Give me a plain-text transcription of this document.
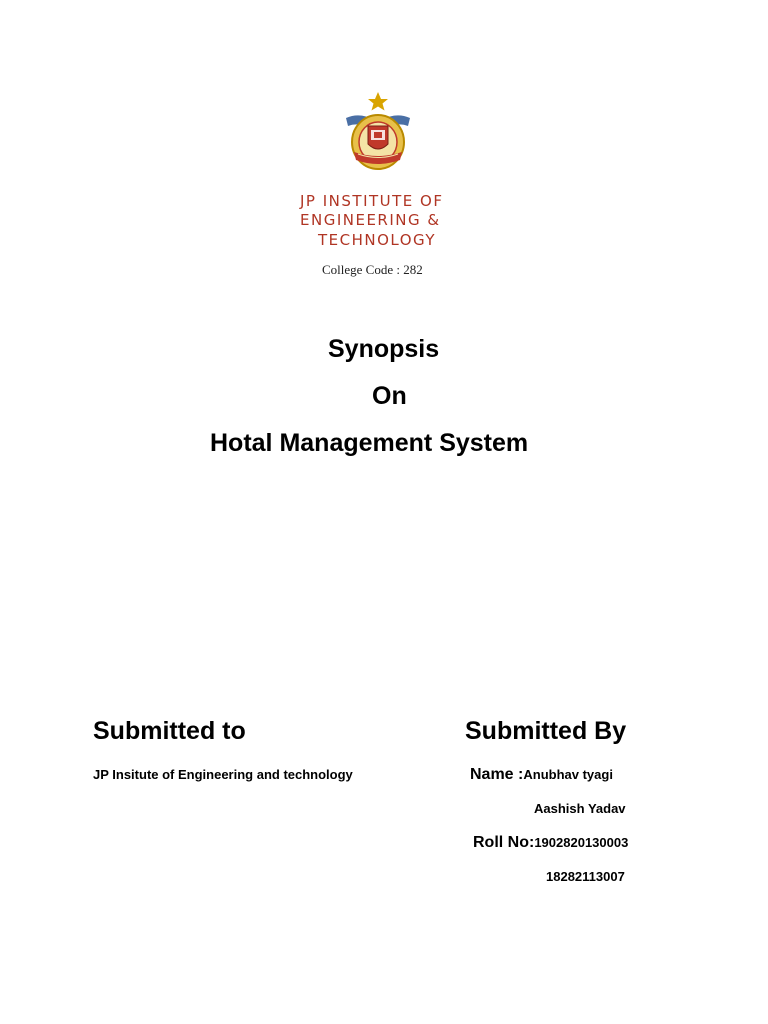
JP INSTITUTE OF
ENGINEERING &
TECHNOLOGY
College Code : 282
Synopsis
On
Hotal Management System
Submitted to
JP Insitute of Engineering and technology
Submitted By
Name :Anubhav tyagi
Aashish Yadav
Roll No:1902820130003
18282113007
